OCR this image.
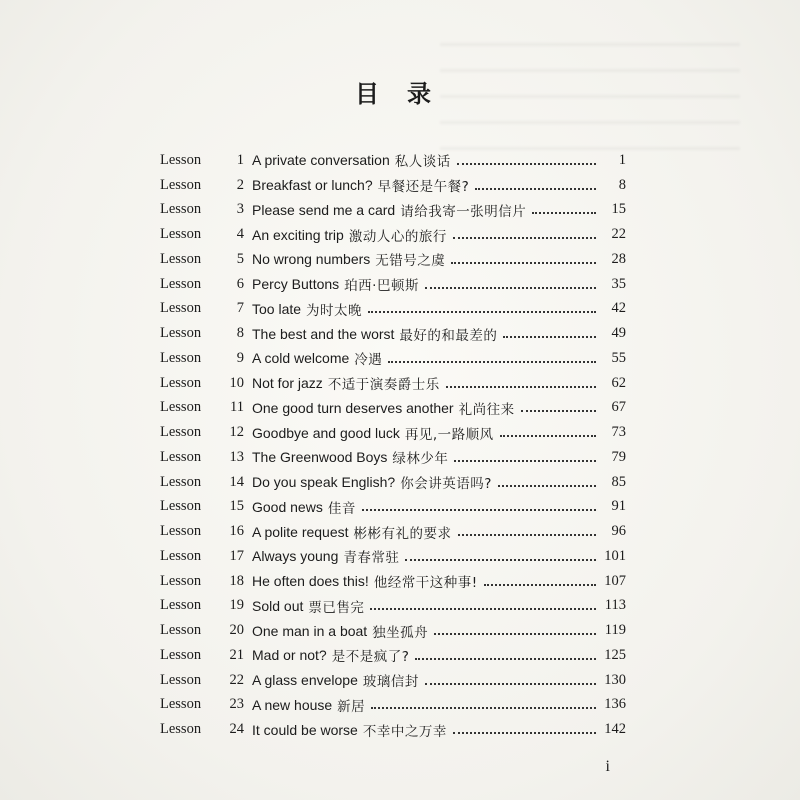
目录
Lesson	1 A private conversation 私人谈话	1
Lesson	2 Breakfast or lunch? 早餐还是午餐?	8
Lesson	3 Please send me a card 请给我寄一张明信片	15
Lesson	4 An exciting trip 激动人心的旅行	22
Lesson	5 No wrong numbers 无错号之虞	28
Lesson	6 Percy Buttons 珀西·巴顿斯	35
Lesson	7 Too late 为时太晚	42
Lesson	8 The best and the worst 最好的和最差的	49
Lesson	9 A cold welcome 冷遇	55
Lesson 10 Not for jazz 不适于演奏爵士乐	62
Lesson 11 One good turn deserves another 礼尚往来	67
Lesson 12 Goodbye and good luck 再见,一路顺风	73
Lesson 13 The Greenwood Boys 绿林少年	79
Lesson 14 Do you speak English? 你会讲英语吗?	85
Lesson 15 Good news 佳音	91
Lesson 16 A polite request 彬彬有礼的要求	96
Lesson 17 Always young 青春常驻	101
Lesson 18 He often does this! 他经常干这种事!	107
Lesson 19 Sold out 票已售完	113
Lesson 20 One man in a boat 独坐孤舟	119
Lesson 21 Mad or not? 是不是疯了?	125
Lesson 22 A glass envelope 玻璃信封	130
Lesson 23 A new house 新居	136
Lesson 24 It could be worse 不幸中之万幸	142
i
